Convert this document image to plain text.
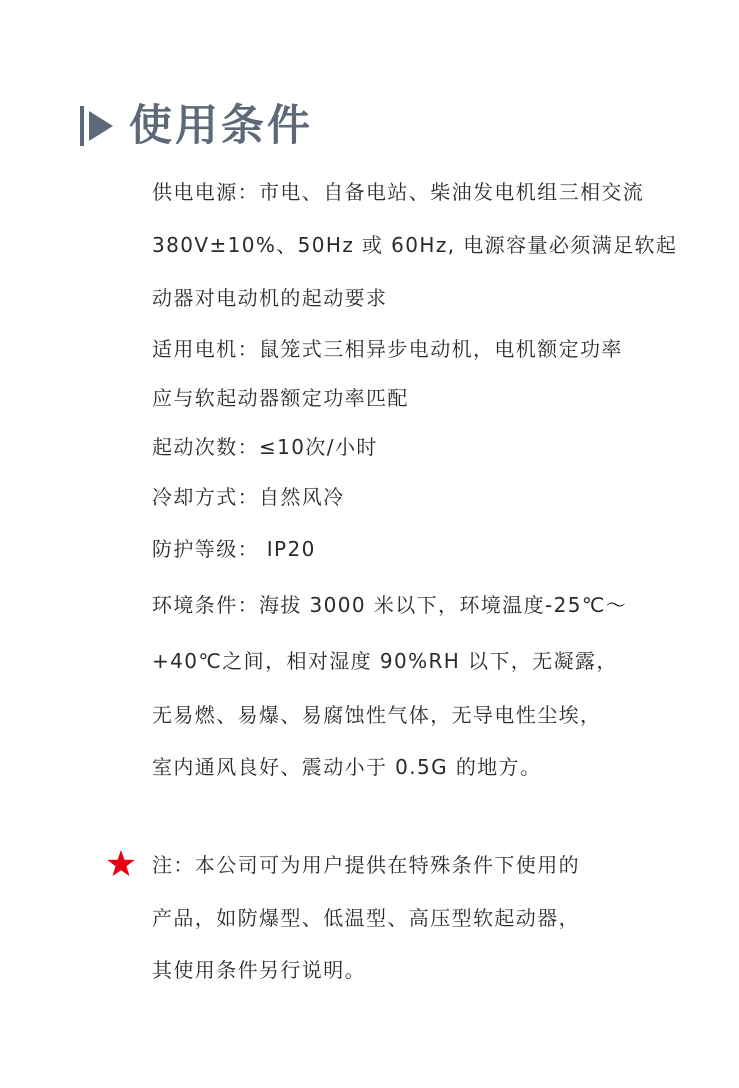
使用条件
供电电源：市电、自备电站、柴油发电机组三相交流
380V±10%、50Hz 或 60Hz, 电源容量必须满足软起
动器对电动机的起动要求
适用电机：鼠笼式三相异步电动机，电机额定功率
应与软起动器额定功率匹配
起动次数：≤10次/小时
冷却方式：自然风冷
防护等级： IP20
环境条件：海拔 3000 米以下，环境温度-25℃～
+40℃之间，相对湿度 90%RH 以下，无凝露，
无易燃、易爆、易腐蚀性气体，无导电性尘埃，
室内通风良好、震动小于 0.5G 的地方。
注：本公司可为用户提供在特殊条件下使用的
产品，如防爆型、低温型、高压型软起动器，
其使用条件另行说明。
